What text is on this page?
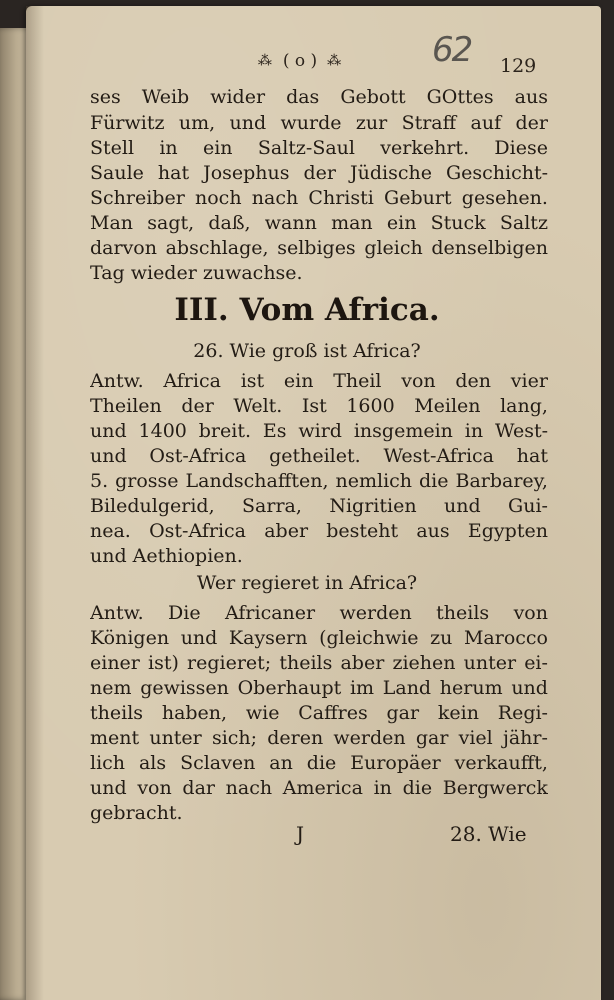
62
⁂ ( o ) ⁂	129
ses Weib wider das Gebott GOttes aus
Fürwitz um, und wurde zur Straff auf der
Stell in ein Saltz-Saul verkehrt. Diese
Saule hat Josephus der Jüdische Geschicht-
Schreiber noch nach Christi Geburt gesehen.
Man sagt, daß, wann man ein Stuck Saltz
darvon abschlage, selbiges gleich denselbigen
Tag wieder zuwachse.
III. Vom Africa.
26. Wie groß ist Africa?
Antw. Africa ist ein Theil von den vier
Theilen der Welt. Ist 1600 Meilen lang,
und 1400 breit. Es wird insgemein in West-
und Ost-Africa getheilet. West-Africa hat
5. grosse Landschafften, nemlich die Barbarey,
Biledulgerid, Sarra, Nigritien und Gui-
nea. Ost-Africa aber besteht aus Egypten
und Aethiopien.
Wer regieret in Africa?
Antw. Die Africaner werden theils von
Königen und Kaysern (gleichwie zu Marocco
einer ist) regieret; theils aber ziehen unter ei-
nem gewissen Oberhaupt im Land herum und
theils haben, wie Caffres gar kein Regi-
ment unter sich; deren werden gar viel jähr-
lich als Sclaven an die Europäer verkaufft,
und von dar nach America in die Bergwerck
gebracht.
J	28. Wie
